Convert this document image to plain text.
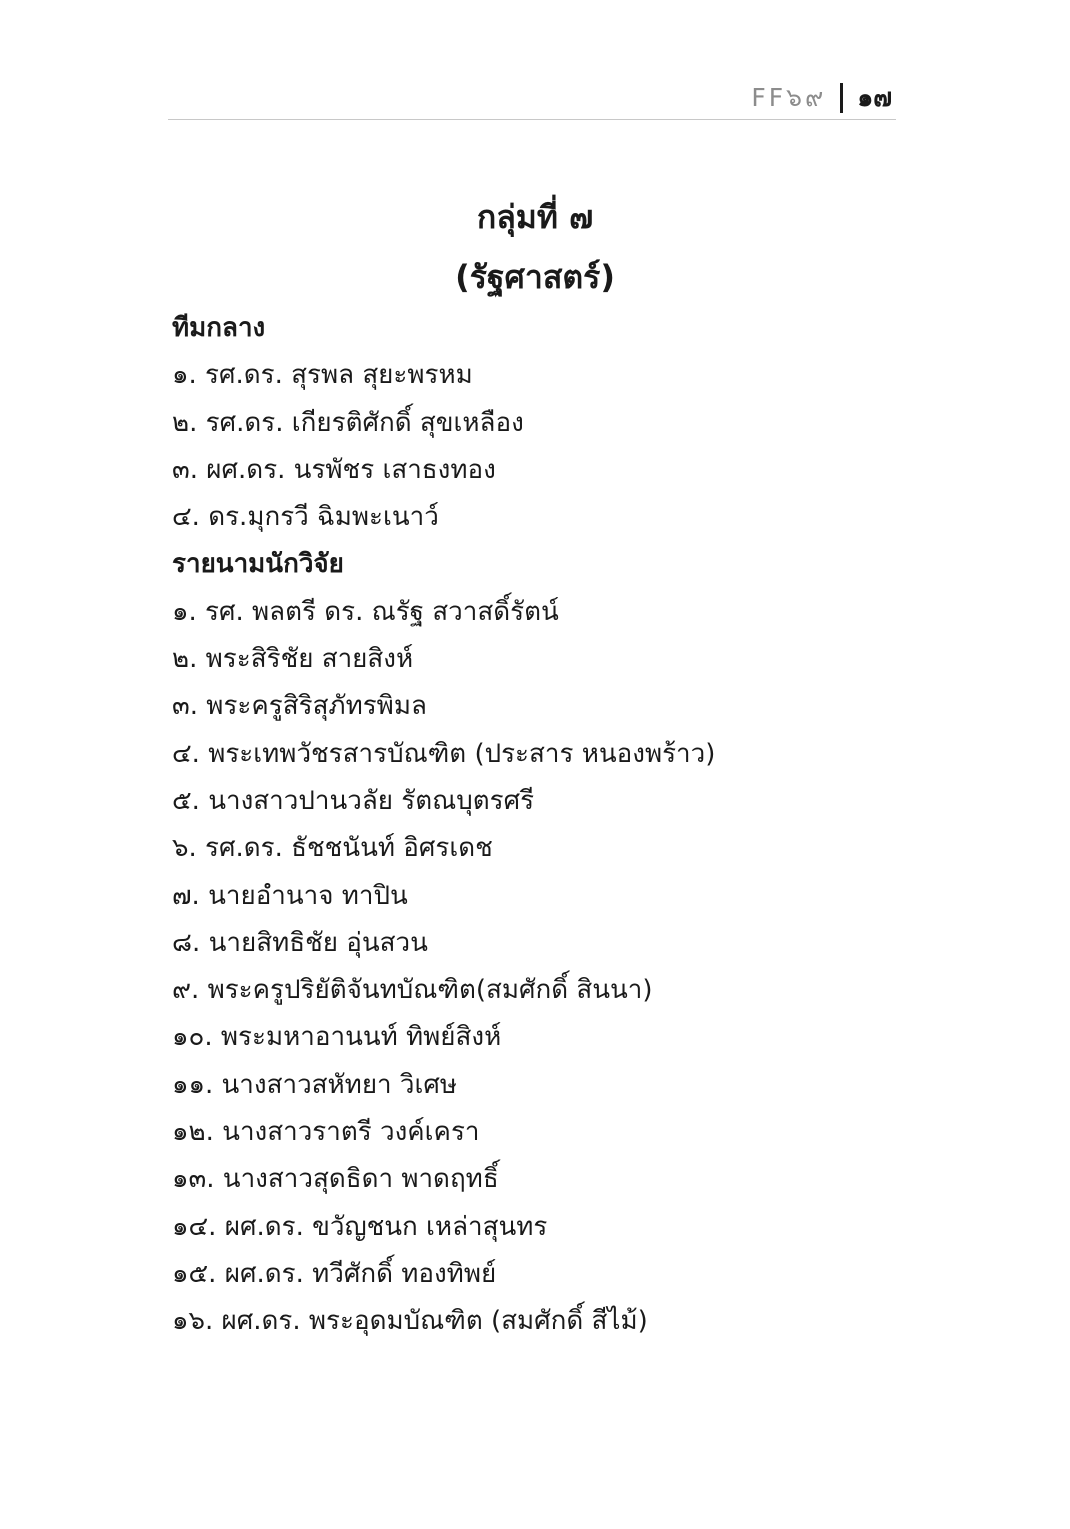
FF๖๙ ๑๗
กลุ่มที่ ๗
(รัฐศาสตร์)
ทีมกลาง
๑. รศ.ดร. สุรพล สุยะพรหม
๒. รศ.ดร. เกียรติศักดิ์ สุขเหลือง
๓. ผศ.ดร. นรพัชร เสาธงทอง
๔. ดร.มุกรวี ฉิมพะเนาว์
รายนามนักวิจัย
๑. รศ. พลตรี ดร. ณรัฐ สวาสดิ์รัตน์
๒. พระสิริชัย สายสิงห์
๓. พระครูสิริสุภัทรพิมล
๔. พระเทพวัชรสารบัณฑิต (ประสาร หนองพร้าว)
๕. นางสาวปานวลัย รัตณบุตรศรี
๖. รศ.ดร. ธัชชนันท์ อิศรเดช
๗. นายอำนาจ ทาปิน
๘. นายสิทธิชัย อุ่นสวน
๙. พระครูปริยัติจันทบัณฑิต(สมศักดิ์ สินนา)
๑๐. พระมหาอานนท์ ทิพย์สิงห์
๑๑. นางสาวสหัทยา วิเศษ
๑๒. นางสาวราตรี วงค์เครา
๑๓. นางสาวสุดธิดา พาดฤทธิ์
๑๔. ผศ.ดร. ขวัญชนก เหล่าสุนทร
๑๕. ผศ.ดร. ทวีศักดิ์ ทองทิพย์
๑๖. ผศ.ดร. พระอุดมบัณฑิต (สมศักดิ์ สีไม้)
